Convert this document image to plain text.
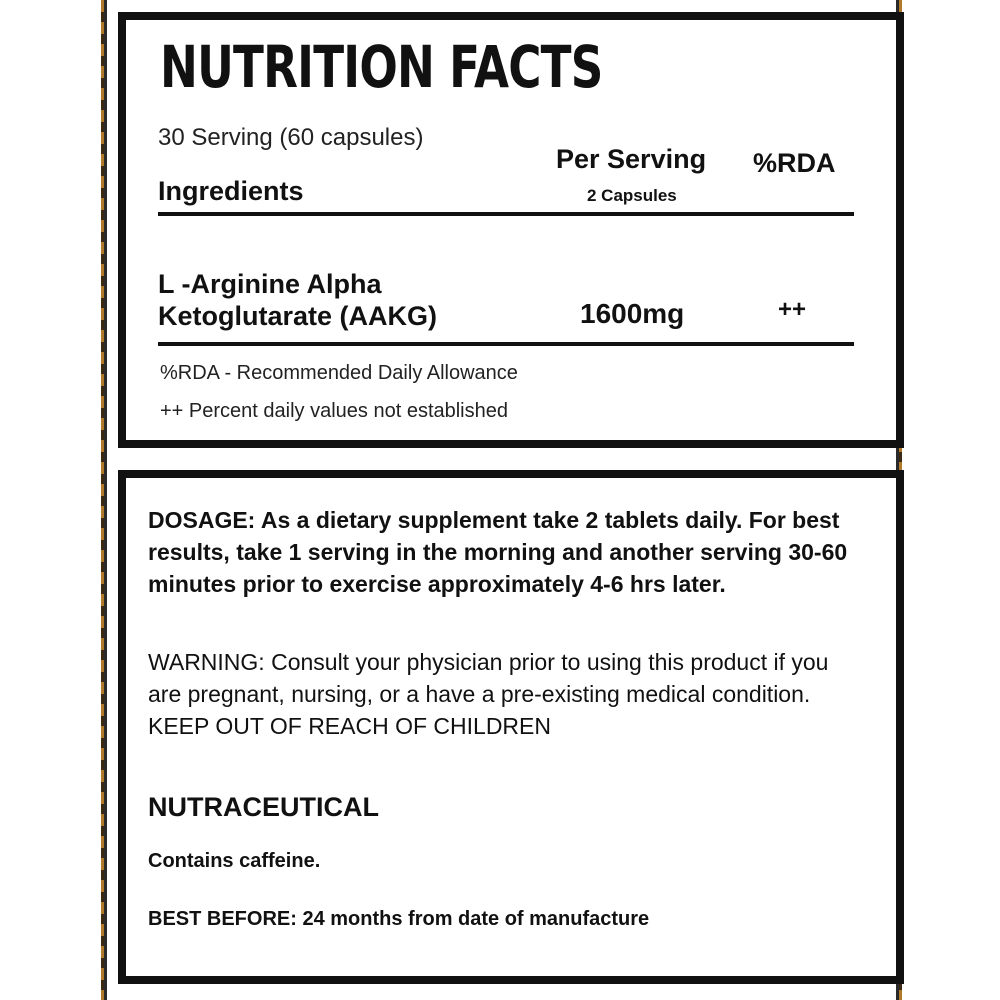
NUTRITION FACTS
30 Serving (60 capsules)
Ingredients
Per Serving
2 Capsules
%RDA
L -Arginine Alpha
Ketoglutarate (AAKG)	1600mg	++
%RDA - Recommended Daily Allowance
++ Percent daily values not established
DOSAGE: As a dietary supplement take 2 tablets daily. For best results, take 1 serving in the morning and another serving 30-60 minutes prior to exercise approximately 4-6 hrs later.
WARNING: Consult your physician prior to using this product if you are pregnant, nursing, or a have a pre-existing medical condition. KEEP OUT OF REACH OF CHILDREN
NUTRACEUTICAL
Contains caffeine.
BEST BEFORE: 24 months from date of manufacture
